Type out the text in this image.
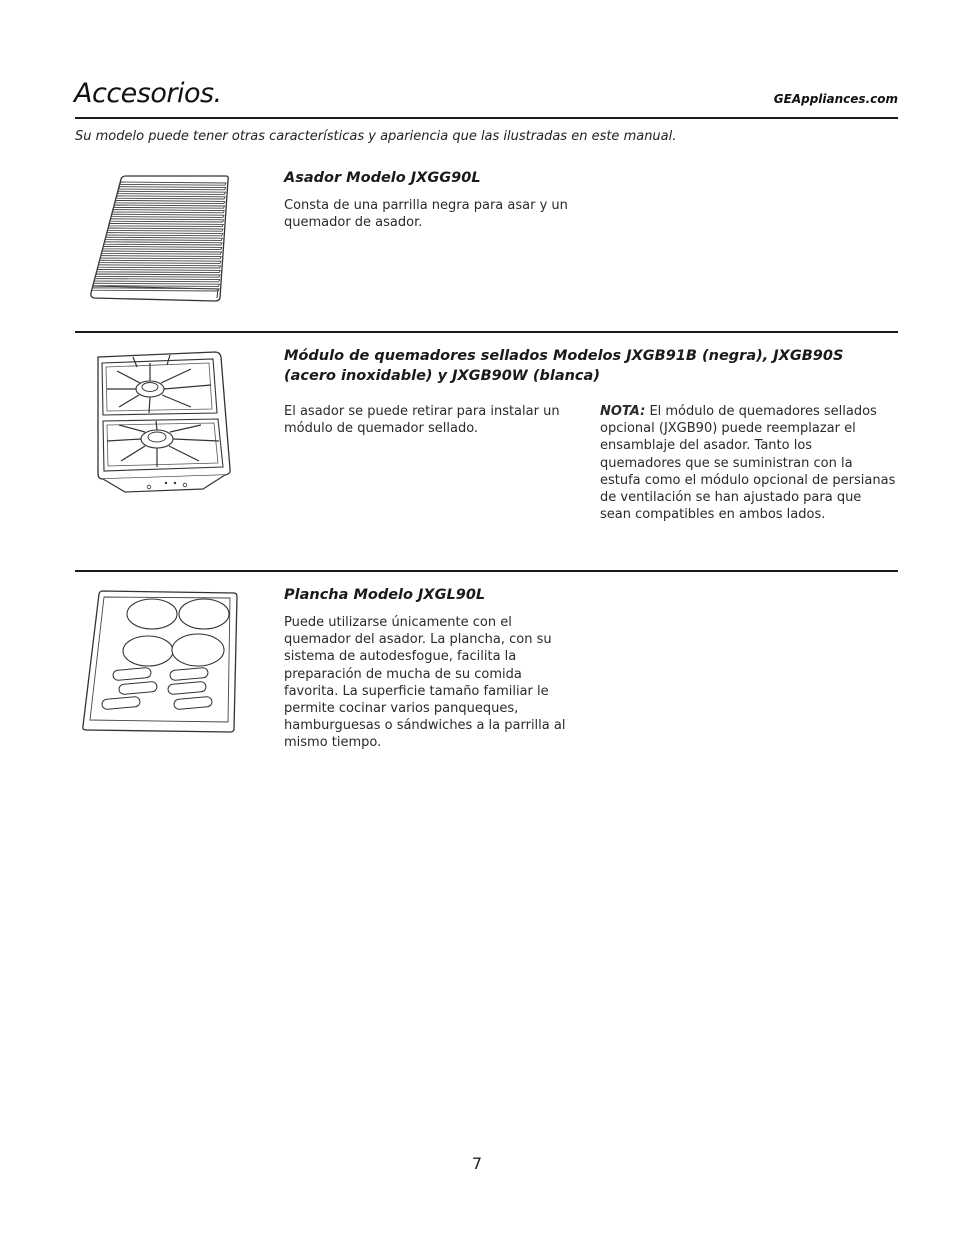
Accesorios.	GEAppliances.com
Su modelo puede tener otras características y apariencia que las ilustradas en este manual.
Asador Modelo JXGG90L
Consta de una parrilla negra para asar y un quemador de asador.
Módulo de quemadores sellados Modelos JXGB91B (negra), JXGB90S (acero inoxidable) y JXGB90W (blanca)
El asador se puede retirar para instalar un módulo de quemador sellado.
NOTA: El módulo de quemadores sellados opcional (JXGB90) puede reemplazar el ensamblaje del asador. Tanto los quemadores que se suministran con la estufa como el módulo opcional de persianas de ventilación se han ajustado para que sean compatibles en ambos lados.
Plancha Modelo JXGL90L
Puede utilizarse únicamente con el quemador del asador. La plancha, con su sistema de autodesfogue, facilita la preparación de mucha de su comida favorita. La superficie tamaño familiar le permite cocinar varios panqueques, hamburguesas o sándwiches a la parrilla al mismo tiempo.
7
